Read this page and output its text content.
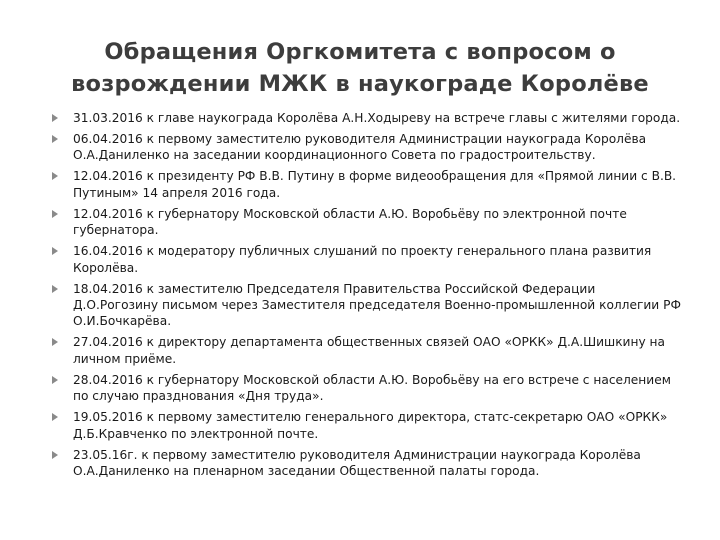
Обращения Оргкомитета с вопросом о
возрождении МЖК в наукограде Королёве
31.03.2016 к главе наукограда Королёва А.Н.Ходыреву на встрече главы с жителями города.
06.04.2016 к первому заместителю руководителя Администрации наукограда Королёва О.А.Даниленко на заседании координационного Совета по градостроительству.
12.04.2016 к президенту РФ В.В. Путину в форме видеообращения для «Прямой линии с В.В. Путиным» 14 апреля 2016 года.
12.04.2016 к губернатору Московской области А.Ю. Воробьёву по электронной почте губернатора.
16.04.2016 к модератору публичных слушаний по проекту генерального плана развития Королёва.
18.04.2016 к заместителю Председателя Правительства Российской Федерации Д.О.Рогозину письмом через Заместителя председателя Военно-промышленной коллегии РФ О.И.Бочкарёва.
27.04.2016 к директору департамента общественных связей ОАО «ОРКК» Д.А.Шишкину на личном приёме.
28.04.2016 к губернатору Московской области А.Ю. Воробьёву на его встрече с населением по случаю празднования «Дня труда».
19.05.2016 к первому заместителю генерального директора, статс-секретарю ОАО «ОРКК» Д.Б.Кравченко по электронной почте.
23.05.16г. к первому заместителю руководителя Администрации наукограда Королёва О.А.Даниленко на пленарном заседании Общественной палаты города.
